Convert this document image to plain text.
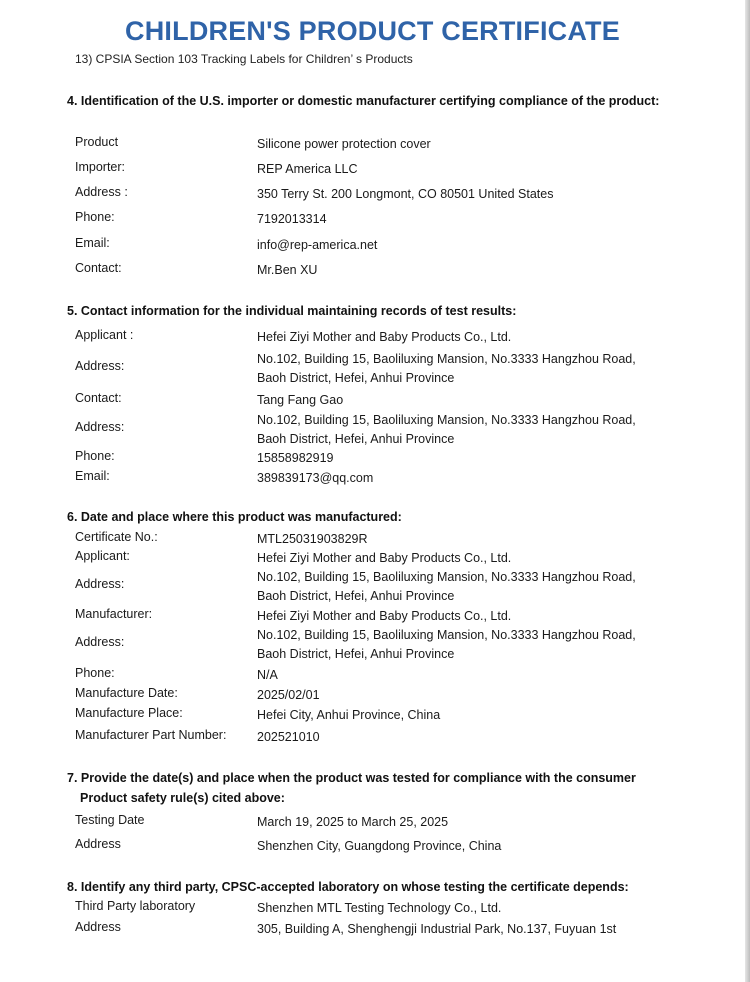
CHILDREN'S PRODUCT CERTIFICATE
13) CPSIA Section 103 Tracking Labels for Children’ s Products
4. Identification of the U.S. importer or domestic manufacturer certifying compliance of the product:
Product	Silicone power protection cover
Importer:	REP America LLC
Address :	350 Terry St. 200 Longmont, CO 80501 United States
Phone:	7192013314
Email:	info@rep-america.net
Contact:	Mr.Ben XU
5. Contact information for the individual maintaining records of test results:
Applicant :	Hefei Ziyi Mother and Baby Products Co., Ltd.
Address:	No.102, Building 15, Baoliluxing Mansion, No.3333 Hangzhou Road,
Baoh District, Hefei, Anhui Province
Contact:	Tang Fang Gao
Address:	No.102, Building 15, Baoliluxing Mansion, No.3333 Hangzhou Road,
Baoh District, Hefei, Anhui Province
Phone:	15858982919
Email:	389839173@qq.com
6. Date and place where this product was manufactured:
Certificate No.:	MTL25031903829R
Applicant:	Hefei Ziyi Mother and Baby Products Co., Ltd.
Address:	No.102, Building 15, Baoliluxing Mansion, No.3333 Hangzhou Road,
Baoh District, Hefei, Anhui Province
Manufacturer:	Hefei Ziyi Mother and Baby Products Co., Ltd.
Address:	No.102, Building 15, Baoliluxing Mansion, No.3333 Hangzhou Road,
Baoh District, Hefei, Anhui Province
Phone:	N/A
Manufacture Date:	2025/02/01
Manufacture Place:	Hefei City, Anhui Province, China
Manufacturer Part Number: 202521010
7. Provide the date(s) and place when the product was tested for compliance with the consumer
Product safety rule(s) cited above:
Testing Date	March 19, 2025 to March 25, 2025
Address	Shenzhen City, Guangdong Province, China
8. Identify any third party, CPSC-accepted laboratory on whose testing the certificate depends:
Third Party laboratory	Shenzhen MTL Testing Technology Co., Ltd.
Address	305, Building A, Shenghengji Industrial Park, No.137, Fuyuan 1st
